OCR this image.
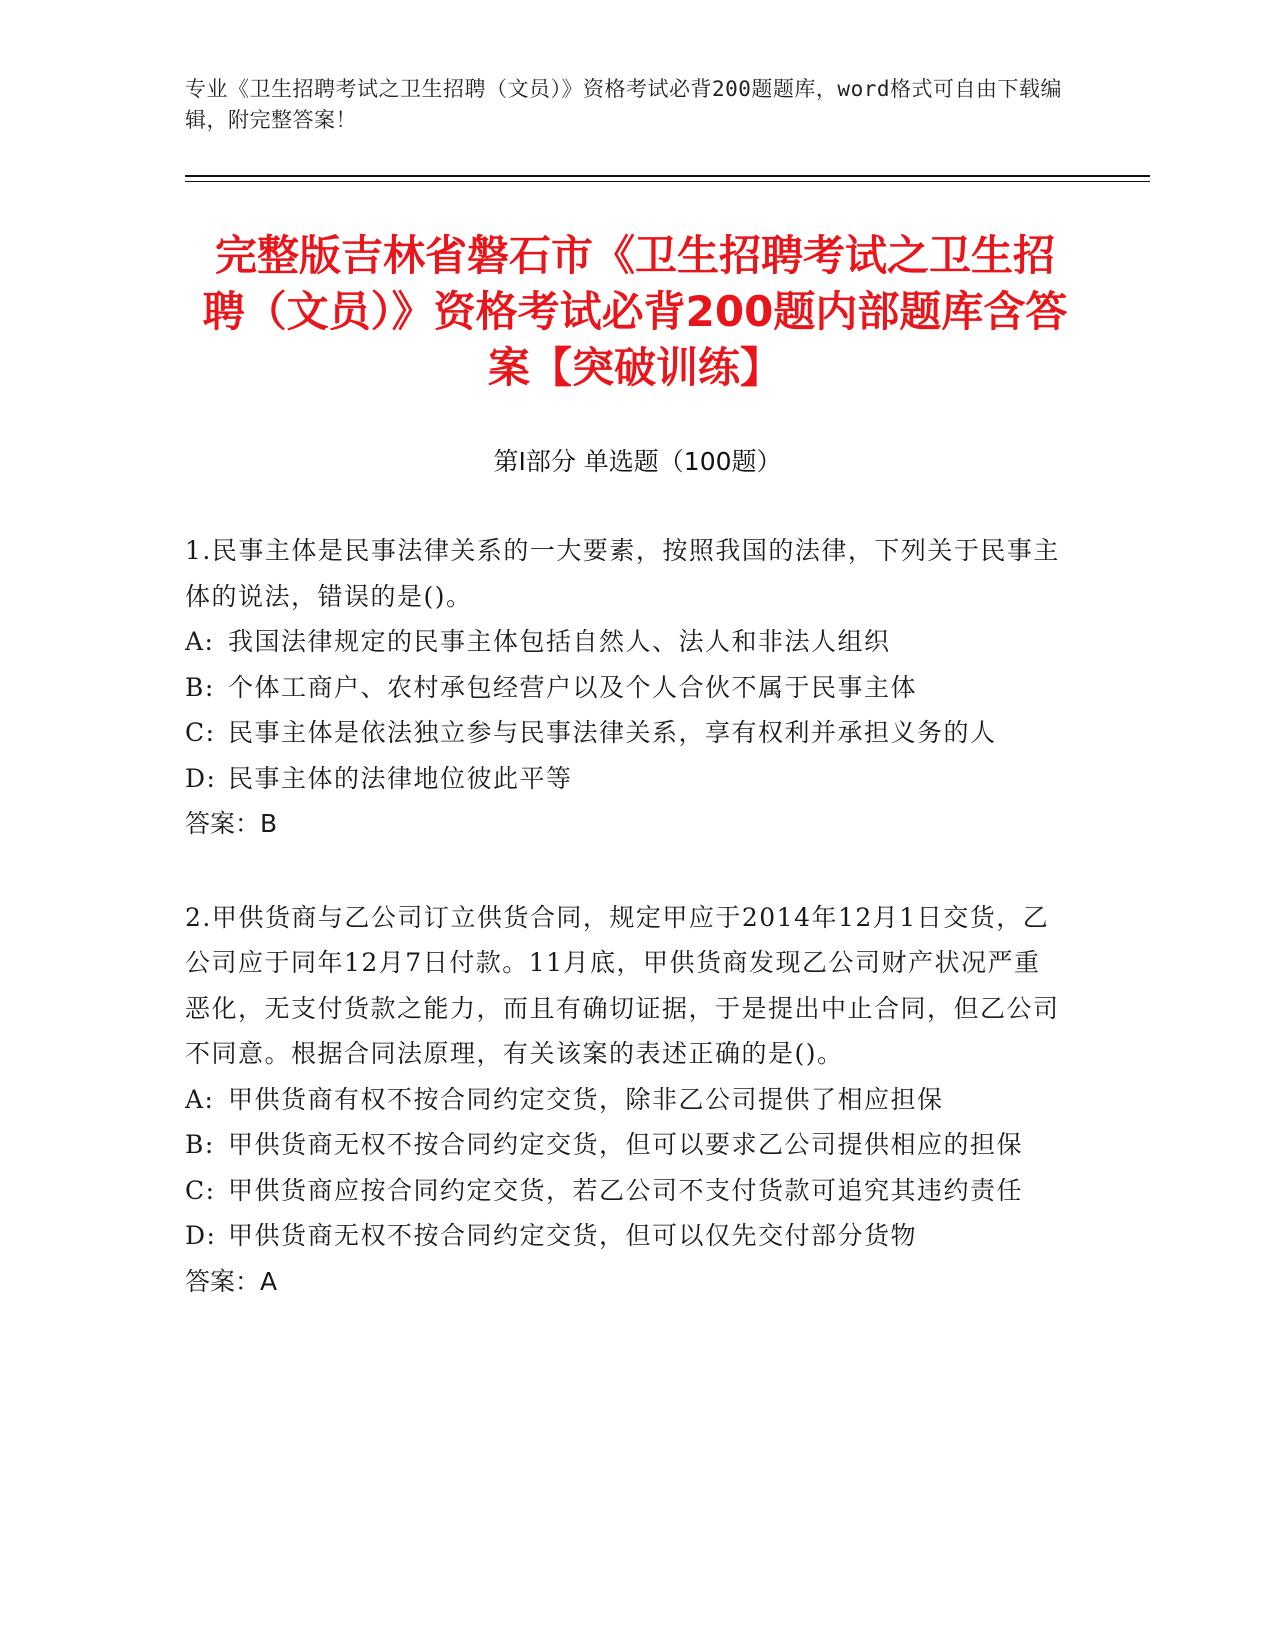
专业《卫生招聘考试之卫生招聘（文员）》资格考试必背200题题库，word格式可自由下载编辑，附完整答案！
完整版吉林省磐石市《卫生招聘考试之卫生招聘（文员）》资格考试必背200题内部题库含答案【突破训练】
第Ⅰ部分 单选题（100题）

1.民事主体是民事法律关系的一大要素，按照我国的法律，下列关于民事主体的说法，错误的是()。

A: 我国法律规定的民事主体包括自然人、法人和非法人组织
B: 个体工商户、农村承包经营户以及个人合伙不属于民事主体
C: 民事主体是依法独立参与民事法律关系，享有权利并承担义务的人
D: 民事主体的法律地位彼此平等

答案：B

2.甲供货商与乙公司订立供货合同，规定甲应于2014年12月1日交货，乙公司应于同年12月7日付款。11月底，甲供货商发现乙公司财产状况严重恶化，无支付货款之能力，而且有确切证据，于是提出中止合同，但乙公司不同意。根据合同法原理，有关该案的表述正确的是()。

A: 甲供货商有权不按合同约定交货，除非乙公司提供了相应担保
B: 甲供货商无权不按合同约定交货，但可以要求乙公司提供相应的担保
C: 甲供货商应按合同约定交货，若乙公司不支付货款可追究其违约责任
D: 甲供货商无权不按合同约定交货，但可以仅先交付部分货物

答案：A
